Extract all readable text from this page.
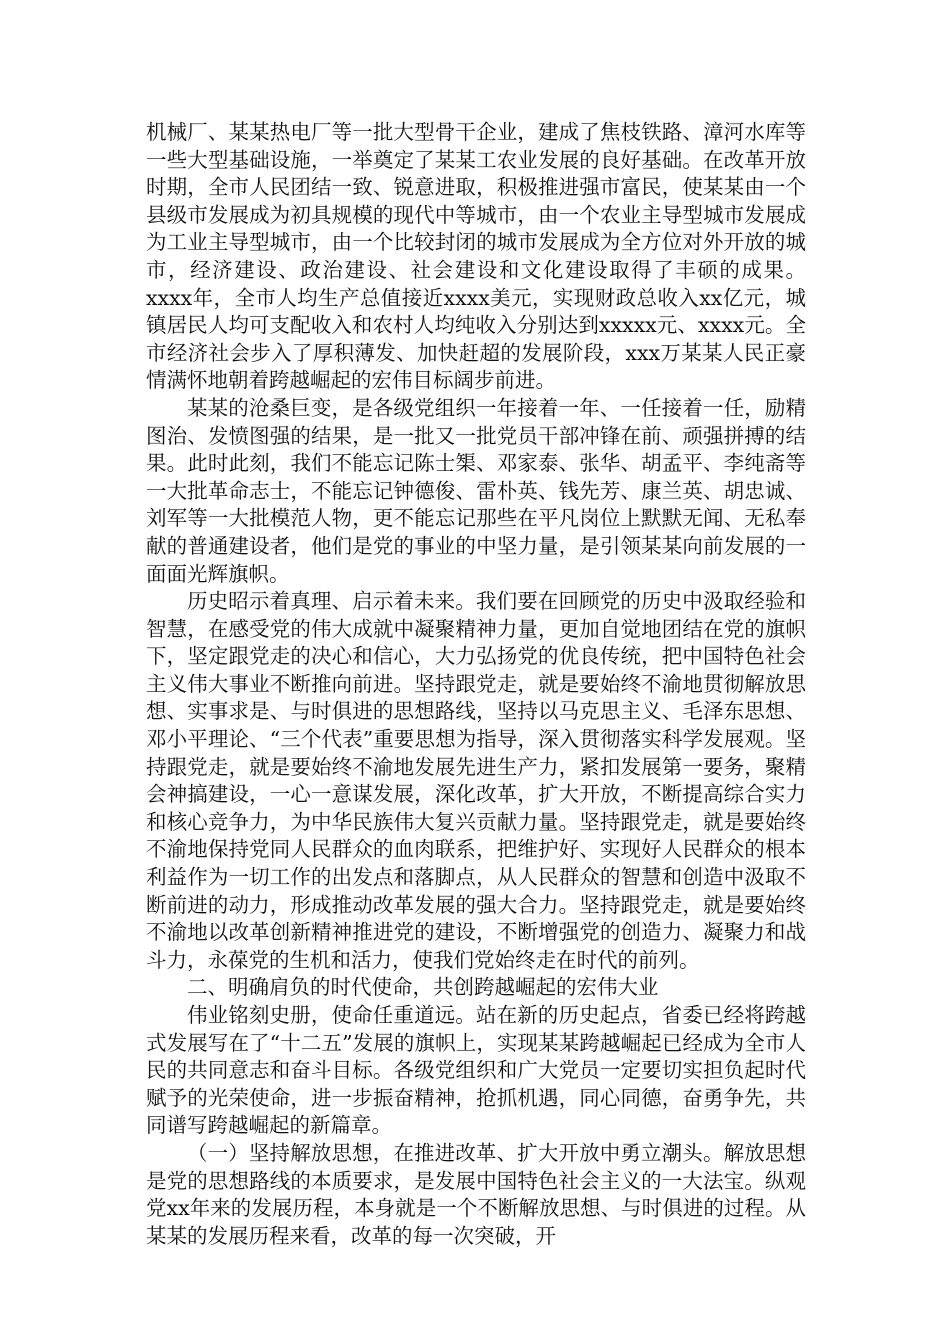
机械厂、某某热电厂等一批大型骨干企业，建成了焦枝铁路、漳河水库等一些大型基础设施，一举奠定了某某工农业发展的良好基础。在改革开放时期，全市人民团结一致、锐意进取，积极推进强市富民，使某某由一个县级市发展成为初具规模的现代中等城市，由一个农业主导型城市发展成为工业主导型城市，由一个比较封闭的城市发展成为全方位对外开放的城市，经济建设、政治建设、社会建设和文化建设取得了丰硕的成果。xxxx年，全市人均生产总值接近xxxx美元，实现财政总收入xx亿元，城镇居民人均可支配收入和农村人均纯收入分别达到xxxxx元、xxxx元。全市经济社会步入了厚积薄发、加快赶超的发展阶段，xxx万某某人民正豪情满怀地朝着跨越崛起的宏伟目标阔步前进。

某某的沧桑巨变，是各级党组织一年接着一年、一任接着一任，励精图治、发愤图强的结果，是一批又一批党员干部冲锋在前、顽强拼搏的结果。此时此刻，我们不能忘记陈士榘、邓家泰、张华、胡孟平、李纯斋等一大批革命志士，不能忘记钟德俊、雷朴英、钱先芳、康兰英、胡忠诚、刘军等一大批模范人物，更不能忘记那些在平凡岗位上默默无闻、无私奉献的普通建设者，他们是党的事业的中坚力量，是引领某某向前发展的一面面光辉旗帜。

历史昭示着真理、启示着未来。我们要在回顾党的历史中汲取经验和智慧，在感受党的伟大成就中凝聚精神力量，更加自觉地团结在党的旗帜下，坚定跟党走的决心和信心，大力弘扬党的优良传统，把中国特色社会主义伟大事业不断推向前进。坚持跟党走，就是要始终不渝地贯彻解放思想、实事求是、与时俱进的思想路线，坚持以马克思主义、毛泽东思想、邓小平理论、“三个代表”重要思想为指导，深入贯彻落实科学发展观。坚持跟党走，就是要始终不渝地发展先进生产力，紧扣发展第一要务，聚精会神搞建设，一心一意谋发展，深化改革，扩大开放，不断提高综合实力和核心竞争力，为中华民族伟大复兴贡献力量。坚持跟党走，就是要始终不渝地保持党同人民群众的血肉联系，把维护好、实现好人民群众的根本利益作为一切工作的出发点和落脚点，从人民群众的智慧和创造中汲取不断前进的动力，形成推动改革发展的强大合力。坚持跟党走，就是要始终不渝地以改革创新精神推进党的建设，不断增强党的创造力、凝聚力和战斗力，永葆党的生机和活力，使我们党始终走在时代的前列。

二、明确肩负的时代使命，共创跨越崛起的宏伟大业

伟业铭刻史册，使命任重道远。站在新的历史起点，省委已经将跨越式发展写在了“十二五”发展的旗帜上，实现某某跨越崛起已经成为全市人民的共同意志和奋斗目标。各级党组织和广大党员一定要切实担负起时代赋予的光荣使命，进一步振奋精神，抢抓机遇，同心同德，奋勇争先，共同谱写跨越崛起的新篇章。

（一）坚持解放思想，在推进改革、扩大开放中勇立潮头。解放思想是党的思想路线的本质要求，是发展中国特色社会主义的一大法宝。纵观党xx年来的发展历程，本身就是一个不断解放思想、与时俱进的过程。从某某的发展历程来看，改革的每一次突破，开
